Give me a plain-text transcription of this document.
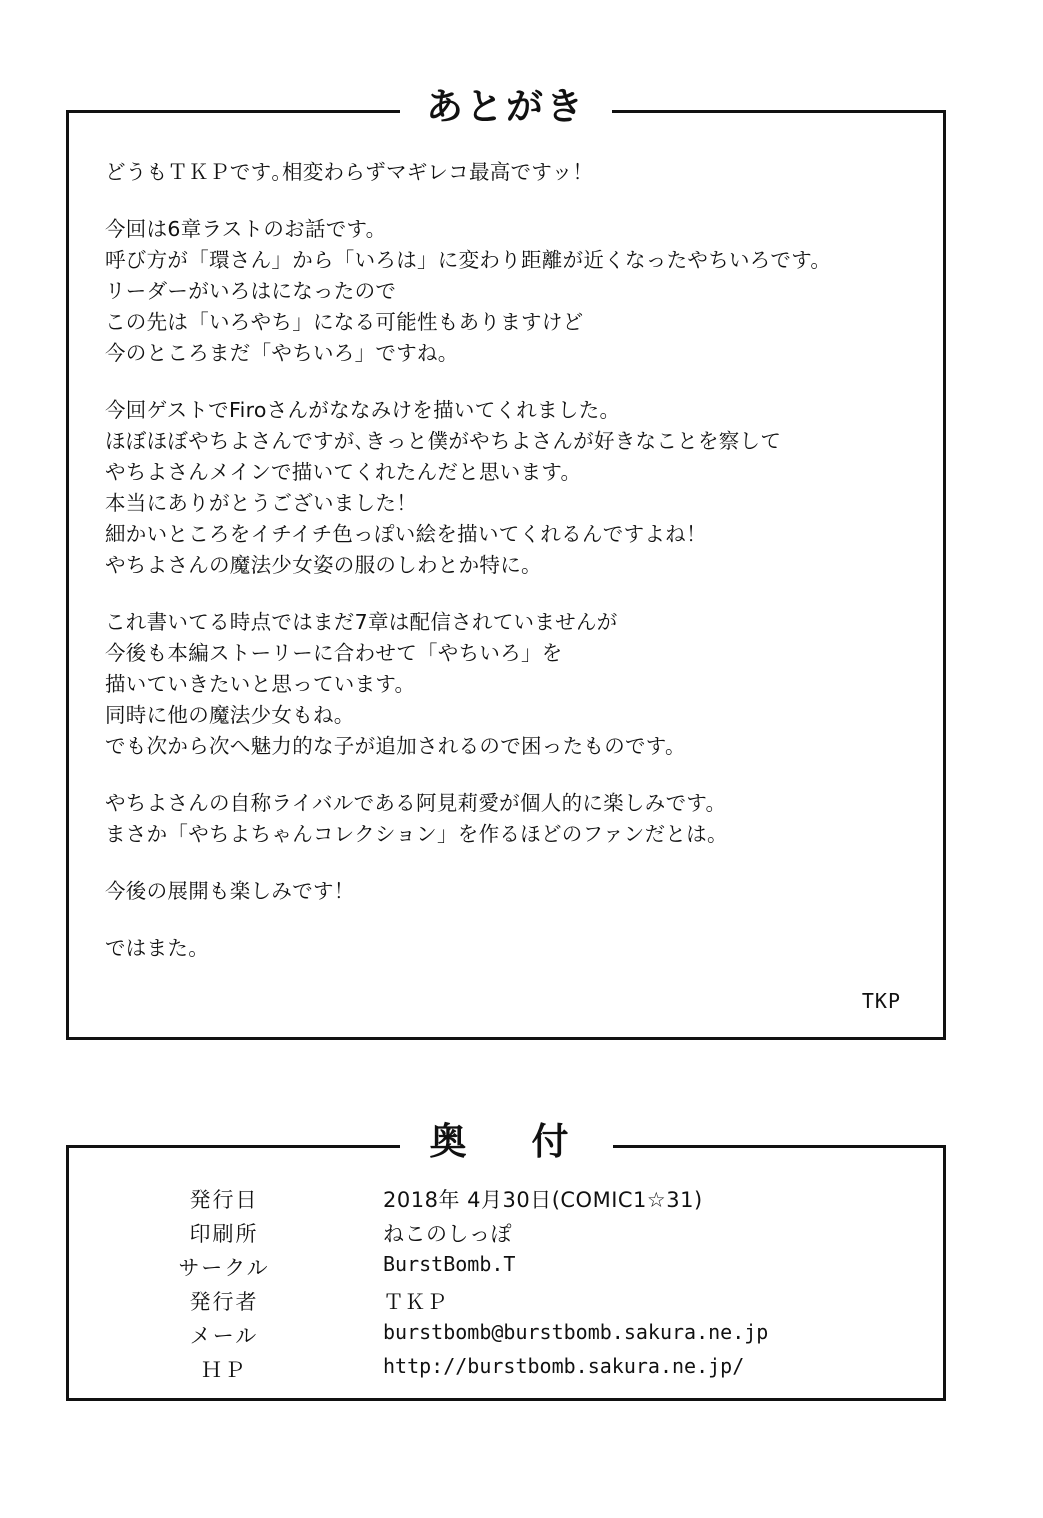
あとがき
どうもＴＫＰです｡相変わらずマギレコ最高ですッ！
今回は6章ラストのお話です。
呼び方が「環さん」から「いろは」に変わり距離が近くなったやちいろです。
リーダーがいろはになったので
この先は「いろやち」になる可能性もありますけど
今のところまだ「やちいろ」ですね。
今回ゲストでFiroさんがななみけを描いてくれました。
ほぼほぼやちよさんですが､きっと僕がやちよさんが好きなことを察して
やちよさんメインで描いてくれたんだと思います。
本当にありがとうございました！
細かいところをイチイチ色っぽい絵を描いてくれるんですよね！
やちよさんの魔法少女姿の服のしわとか特に。
これ書いてる時点ではまだ7章は配信されていませんが
今後も本編ストーリーに合わせて「やちいろ」を
描いていきたいと思っています。
同時に他の魔法少女もね。
でも次から次へ魅力的な子が追加されるので困ったものです。
やちよさんの自称ライバルである阿見莉愛が個人的に楽しみです。
まさか「やちよちゃんコレクション」を作るほどのファンだとは。
今後の展開も楽しみです！
ではまた。
TKP
奥　付
発行日	2018年 4月30日(COMIC1☆31)
印刷所	ねこのしっぽ
サークル	BurstBomb.T
発行者	ＴＫＰ
メール	burstbomb@burstbomb.sakura.ne.jp
ＨＰ	http://burstbomb.sakura.ne.jp/
